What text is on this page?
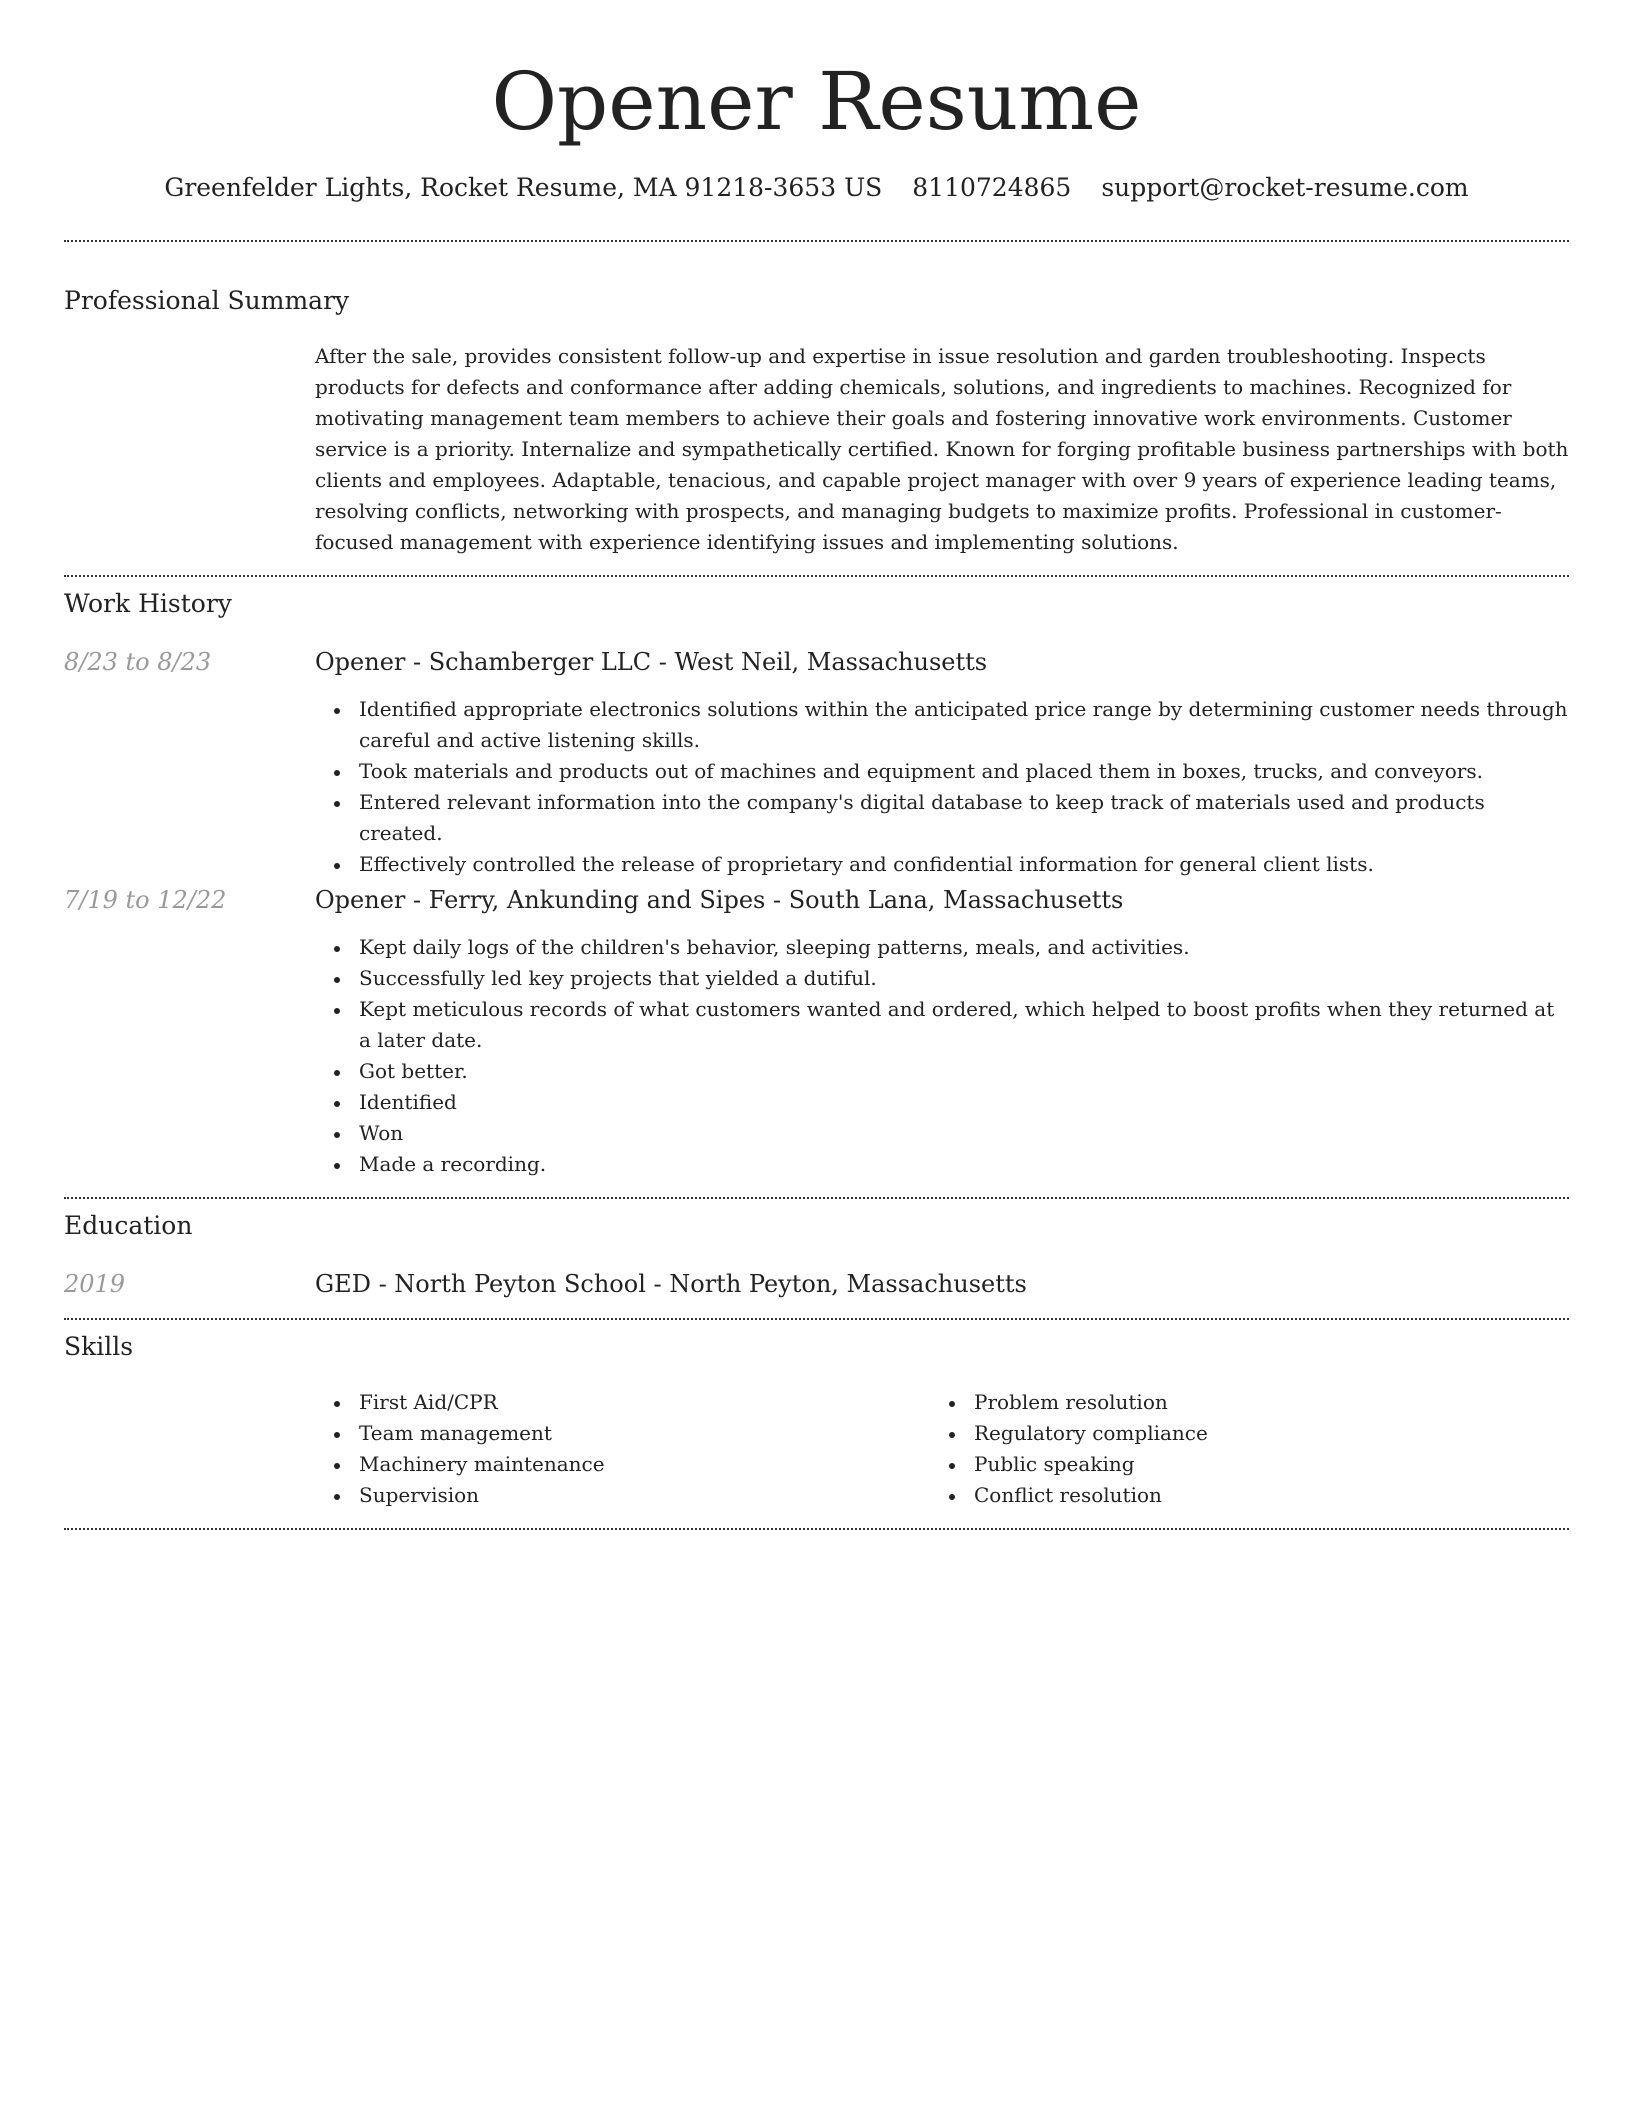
Opener Resume
Greenfelder Lights, Rocket Resume, MA 91218-3653 US 8110724865 support@rocket-resume.com
Professional Summary

After the sale, provides consistent follow-up and expertise in issue resolution and garden troubleshooting. Inspects products for defects and conformance after adding chemicals, solutions, and ingredients to machines. Recognized for motivating management team members to achieve their goals and fostering innovative work environments. Customer service is a priority. Internalize and sympathetically certified. Known for forging profitable business partnerships with both clients and employees. Adaptable, tenacious, and capable project manager with over 9 years of experience leading teams, resolving conflicts, networking with prospects, and managing budgets to maximize profits. Professional in customer-focused management with experience identifying issues and implementing solutions.

Work History
8/23 to 8/23	Opener - Schamberger LLC - West Neil, Massachusetts
Identified appropriate electronics solutions within the anticipated price range by determining customer needs through careful and active listening skills.
Took materials and products out of machines and equipment and placed them in boxes, trucks, and conveyors.
Entered relevant information into the company's digital database to keep track of materials used and products created.
Effectively controlled the release of proprietary and confidential information for general client lists.
7/19 to 12/22	Opener - Ferry, Ankunding and Sipes - South Lana, Massachusetts
Kept daily logs of the children's behavior, sleeping patterns, meals, and activities.
Successfully led key projects that yielded a dutiful.
Kept meticulous records of what customers wanted and ordered, which helped to boost profits when they returned at a later date.
Got better.
Identified
Won
Made a recording.
Education
2019	GED - North Peyton School - North Peyton, Massachusetts
Skills
First Aid/CPR
Team management
Machinery maintenance
Supervision
Problem resolution
Regulatory compliance
Public speaking
Conflict resolution
